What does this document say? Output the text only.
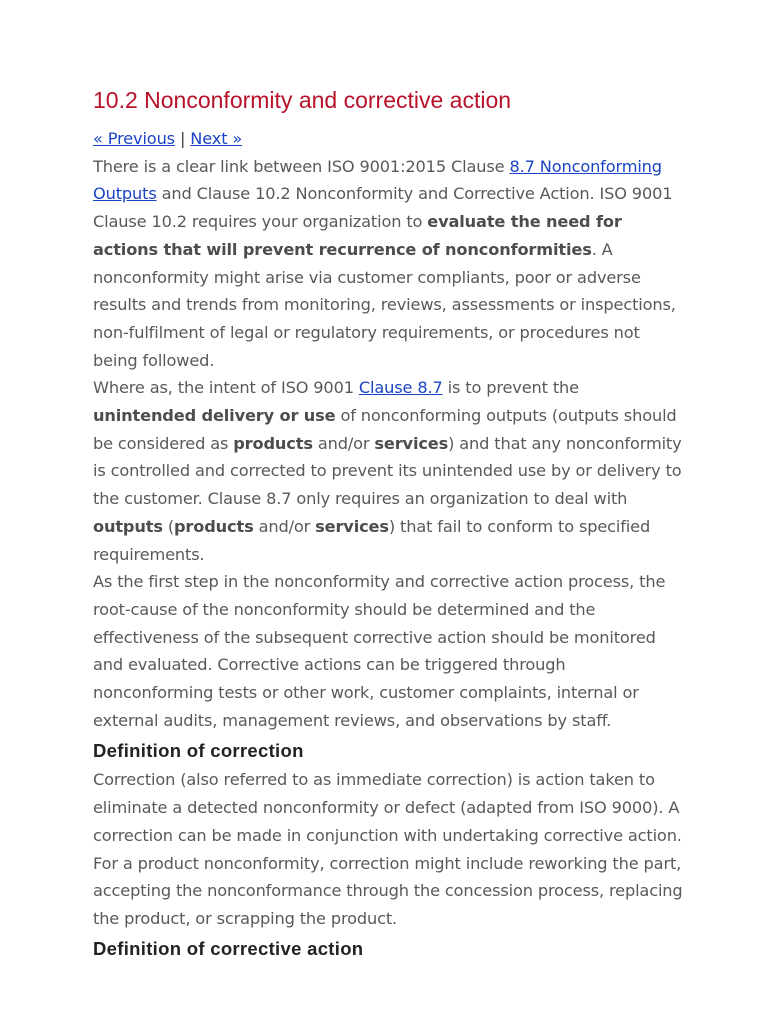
10.2 Nonconformity and corrective action

« Previous | Next »

There is a clear link between ISO 9001:2015 Clause 8.7 Nonconforming Outputs and Clause 10.2 Nonconformity and Corrective Action. ISO 9001 Clause 10.2 requires your organization to evaluate the need for actions that will prevent recurrence of nonconformities. A nonconformity might arise via customer compliants, poor or adverse results and trends from monitoring, reviews, assessments or inspections, non-fulfilment of legal or regulatory requirements, or procedures not being followed.

Where as, the intent of ISO 9001 Clause 8.7 is to prevent the unintended delivery or use of nonconforming outputs (outputs should be considered as products and/or services) and that any nonconformity is controlled and corrected to prevent its unintended use by or delivery to the customer. Clause 8.7 only requires an organization to deal with outputs (products and/or services) that fail to conform to specified requirements.

As the first step in the nonconformity and corrective action process, the root-cause of the nonconformity should be determined and the effectiveness of the subsequent corrective action should be monitored and evaluated. Corrective actions can be triggered through nonconforming tests or other work, customer complaints, internal or external audits, management reviews, and observations by staff.

Definition of correction

Correction (also referred to as immediate correction) is action taken to eliminate a detected nonconformity or defect (adapted from ISO 9000). A correction can be made in conjunction with undertaking corrective action. For a product nonconformity, correction might include reworking the part, accepting the nonconformance through the concession process, replacing the product, or scrapping the product.

Definition of corrective action
